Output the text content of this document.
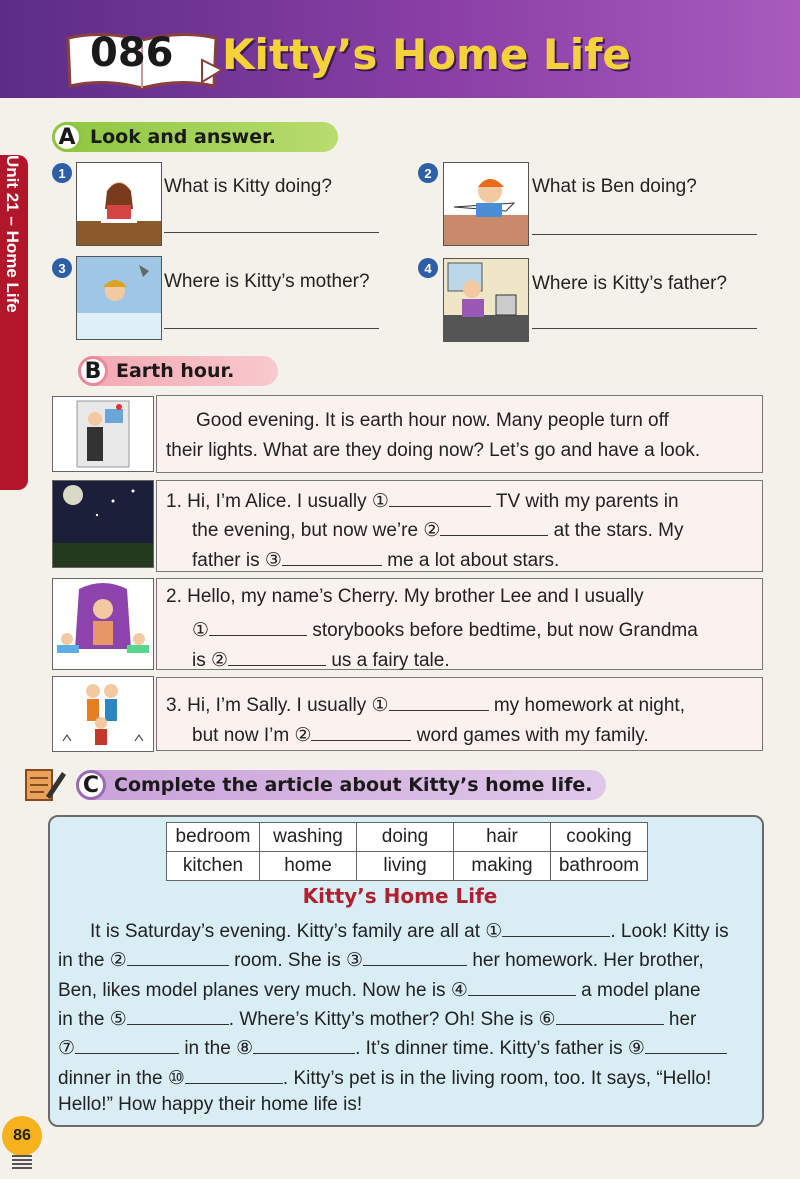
086 Kitty’s Home Life
Unit 21 – Home Life
A Look and answer.
1
What is Kitty doing?
2
What is Ben doing?
3
Where is Kitty’s mother?
4
Where is Kitty’s father?
B Earth hour.
Good evening. It is earth hour now. Many people turn off
their lights. What are they doing now? Let’s go and have a look.
1. Hi, I’m Alice. I usually ①	TV with my parents in
the evening, but now we’re ②	at the stars. My
father is ③	me a lot about stars.
2. Hello, my name’s Cherry. My brother Lee and I usually
①	storybooks before bedtime, but now Grandma
is ②	us a fairy tale.
3. Hi, I’m Sally. I usually ①	my homework at night,
but now I’m ②	word games with my family.
C Complete the article about Kitty’s home life.
bedroom	washing	doing	hair	cooking
kitchen	home	living	making	bathroom
Kitty’s Home Life
It is Saturday’s evening. Kitty’s family are all at ①	. Look! Kitty is
in the ②	room. She is ③	her homework. Her brother,
Ben, likes model planes very much. Now he is ④	a model plane
in the ⑤	. Where’s Kitty’s mother? Oh! She is ⑥	her
⑦	in the ⑧	. It’s dinner time. Kitty’s father is ⑨
dinner in the ⑩	. Kitty’s pet is in the living room, too. It says, “Hello!
Hello!” How happy their home life is!
86
